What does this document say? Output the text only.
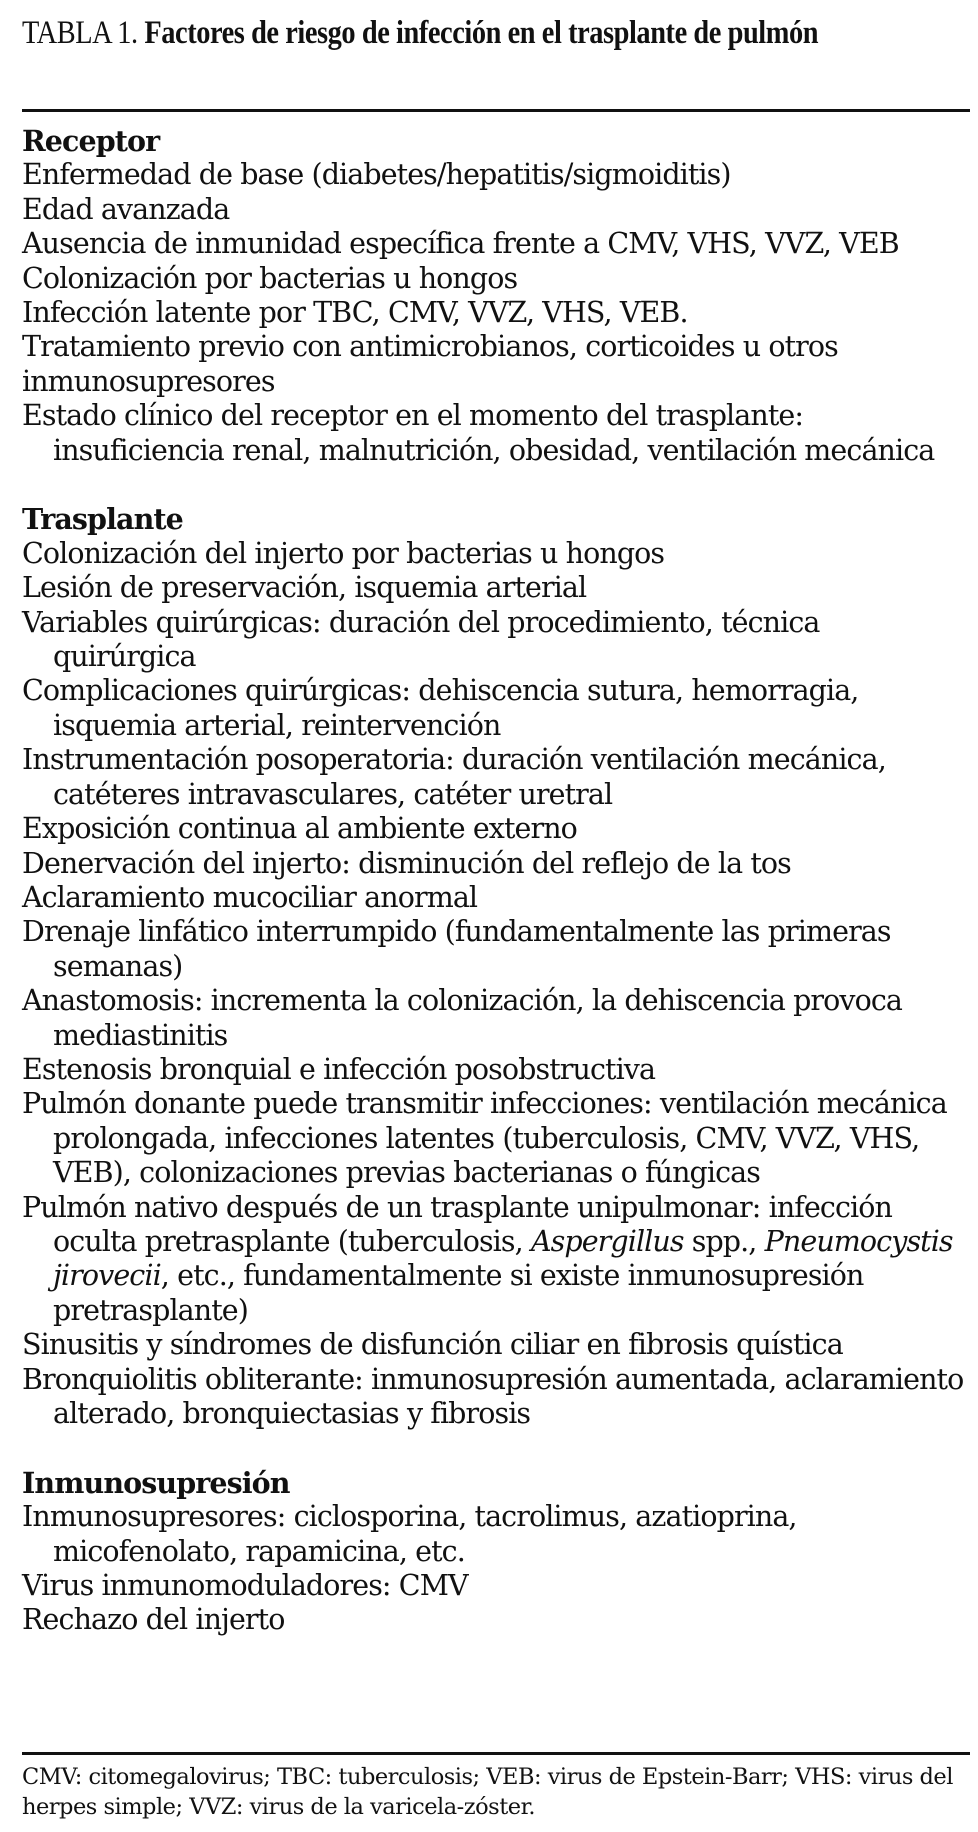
TABLA 1. Factores de riesgo de infección en el trasplante de pulmón
Receptor
Enfermedad de base (diabetes/hepatitis/sigmoiditis)
Edad avanzada
Ausencia de inmunidad específica frente a CMV, VHS, VVZ, VEB
Colonización por bacterias u hongos
Infección latente por TBC, CMV, VVZ, VHS, VEB.
Tratamiento previo con antimicrobianos, corticoides u otros inmunosupresores
Estado clínico del receptor en el momento del trasplante: insuficiencia renal, malnutrición, obesidad, ventilación mecánica
Trasplante
Colonización del injerto por bacterias u hongos
Lesión de preservación, isquemia arterial
Variables quirúrgicas: duración del procedimiento, técnica quirúrgica
Complicaciones quirúrgicas: dehiscencia sutura, hemorragia, isquemia arterial, reintervención
Instrumentación posoperatoria: duración ventilación mecánica, catéteres intravasculares, catéter uretral
Exposición continua al ambiente externo
Denervación del injerto: disminución del reflejo de la tos
Aclaramiento mucociliar anormal
Drenaje linfático interrumpido (fundamentalmente las primeras semanas)
Anastomosis: incrementa la colonización, la dehiscencia provoca mediastinitis
Estenosis bronquial e infección posobstructiva
Pulmón donante puede transmitir infecciones: ventilación mecánica prolongada, infecciones latentes (tuberculosis, CMV, VVZ, VHS, VEB), colonizaciones previas bacterianas o fúngicas
Pulmón nativo después de un trasplante unipulmonar: infección oculta pretrasplante (tuberculosis, Aspergillus spp., Pneumocystis jirovecii, etc., fundamentalmente si existe inmunosupresión pretrasplante)
Sinusitis y síndromes de disfunción ciliar en fibrosis quística
Bronquiolitis obliterante: inmunosupresión aumentada, aclaramiento alterado, bronquiectasias y fibrosis
Inmunosupresión
Inmunosupresores: ciclosporina, tacrolimus, azatioprina, micofenolato, rapamicina, etc.
Virus inmunomoduladores: CMV
Rechazo del injerto
CMV: citomegalovirus; TBC: tuberculosis; VEB: virus de Epstein-Barr; VHS: virus del herpes simple; VVZ: virus de la varicela-zóster.
